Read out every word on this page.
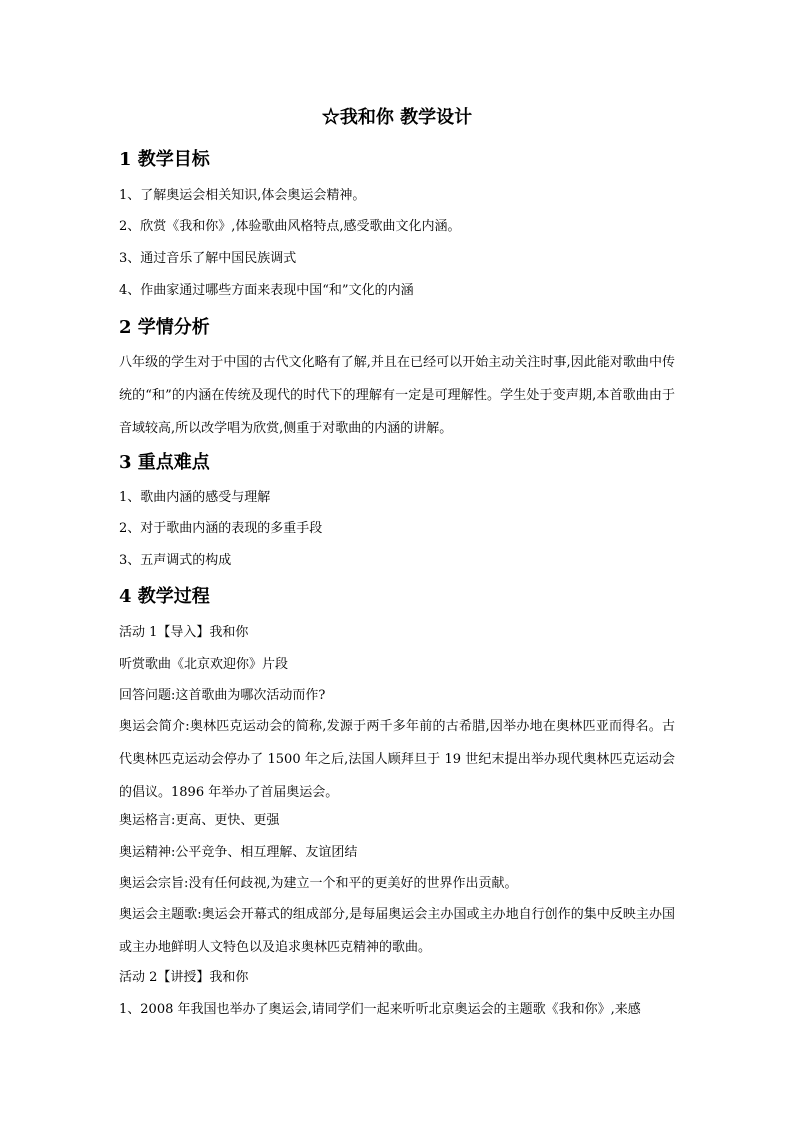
☆我和你 教学设计
1 教学目标
1、了解奥运会相关知识,体会奥运会精神。
2、欣赏《我和你》,体验歌曲风格特点,感受歌曲文化内涵。
3、通过音乐了解中国民族调式
4、作曲家通过哪些方面来表现中国“和”文化的内涵
2 学情分析
八年级的学生对于中国的古代文化略有了解,并且在已经可以开始主动关注时事,因此能对歌曲中传统的“和”的内涵在传统及现代的时代下的理解有一定是可理解性。学生处于变声期,本首歌曲由于音域较高,所以改学唱为欣赏,侧重于对歌曲的内涵的讲解。
3 重点难点
1、歌曲内涵的感受与理解
2、对于歌曲内涵的表现的多重手段
3、五声调式的构成
4 教学过程
活动 1【导入】我和你
听赏歌曲《北京欢迎你》片段
回答问题:这首歌曲为哪次活动而作?
奥运会简介:奥林匹克运动会的简称,发源于两千多年前的古希腊,因举办地在奥林匹亚而得名。古代奥林匹克运动会停办了 1500 年之后,法国人顾拜旦于 19 世纪末提出举办现代奥林匹克运动会的倡议。1896 年举办了首届奥运会。
奥运格言:更高、更快、更强
奥运精神:公平竞争、相互理解、友谊团结
奥运会宗旨:没有任何歧视,为建立一个和平的更美好的世界作出贡献。
奥运会主题歌:奥运会开幕式的组成部分,是每届奥运会主办国或主办地自行创作的集中反映主办国或主办地鲜明人文特色以及追求奥林匹克精神的歌曲。
活动 2【讲授】我和你
1、2008 年我国也举办了奥运会,请同学们一起来听听北京奥运会的主题歌《我和你》,来感
